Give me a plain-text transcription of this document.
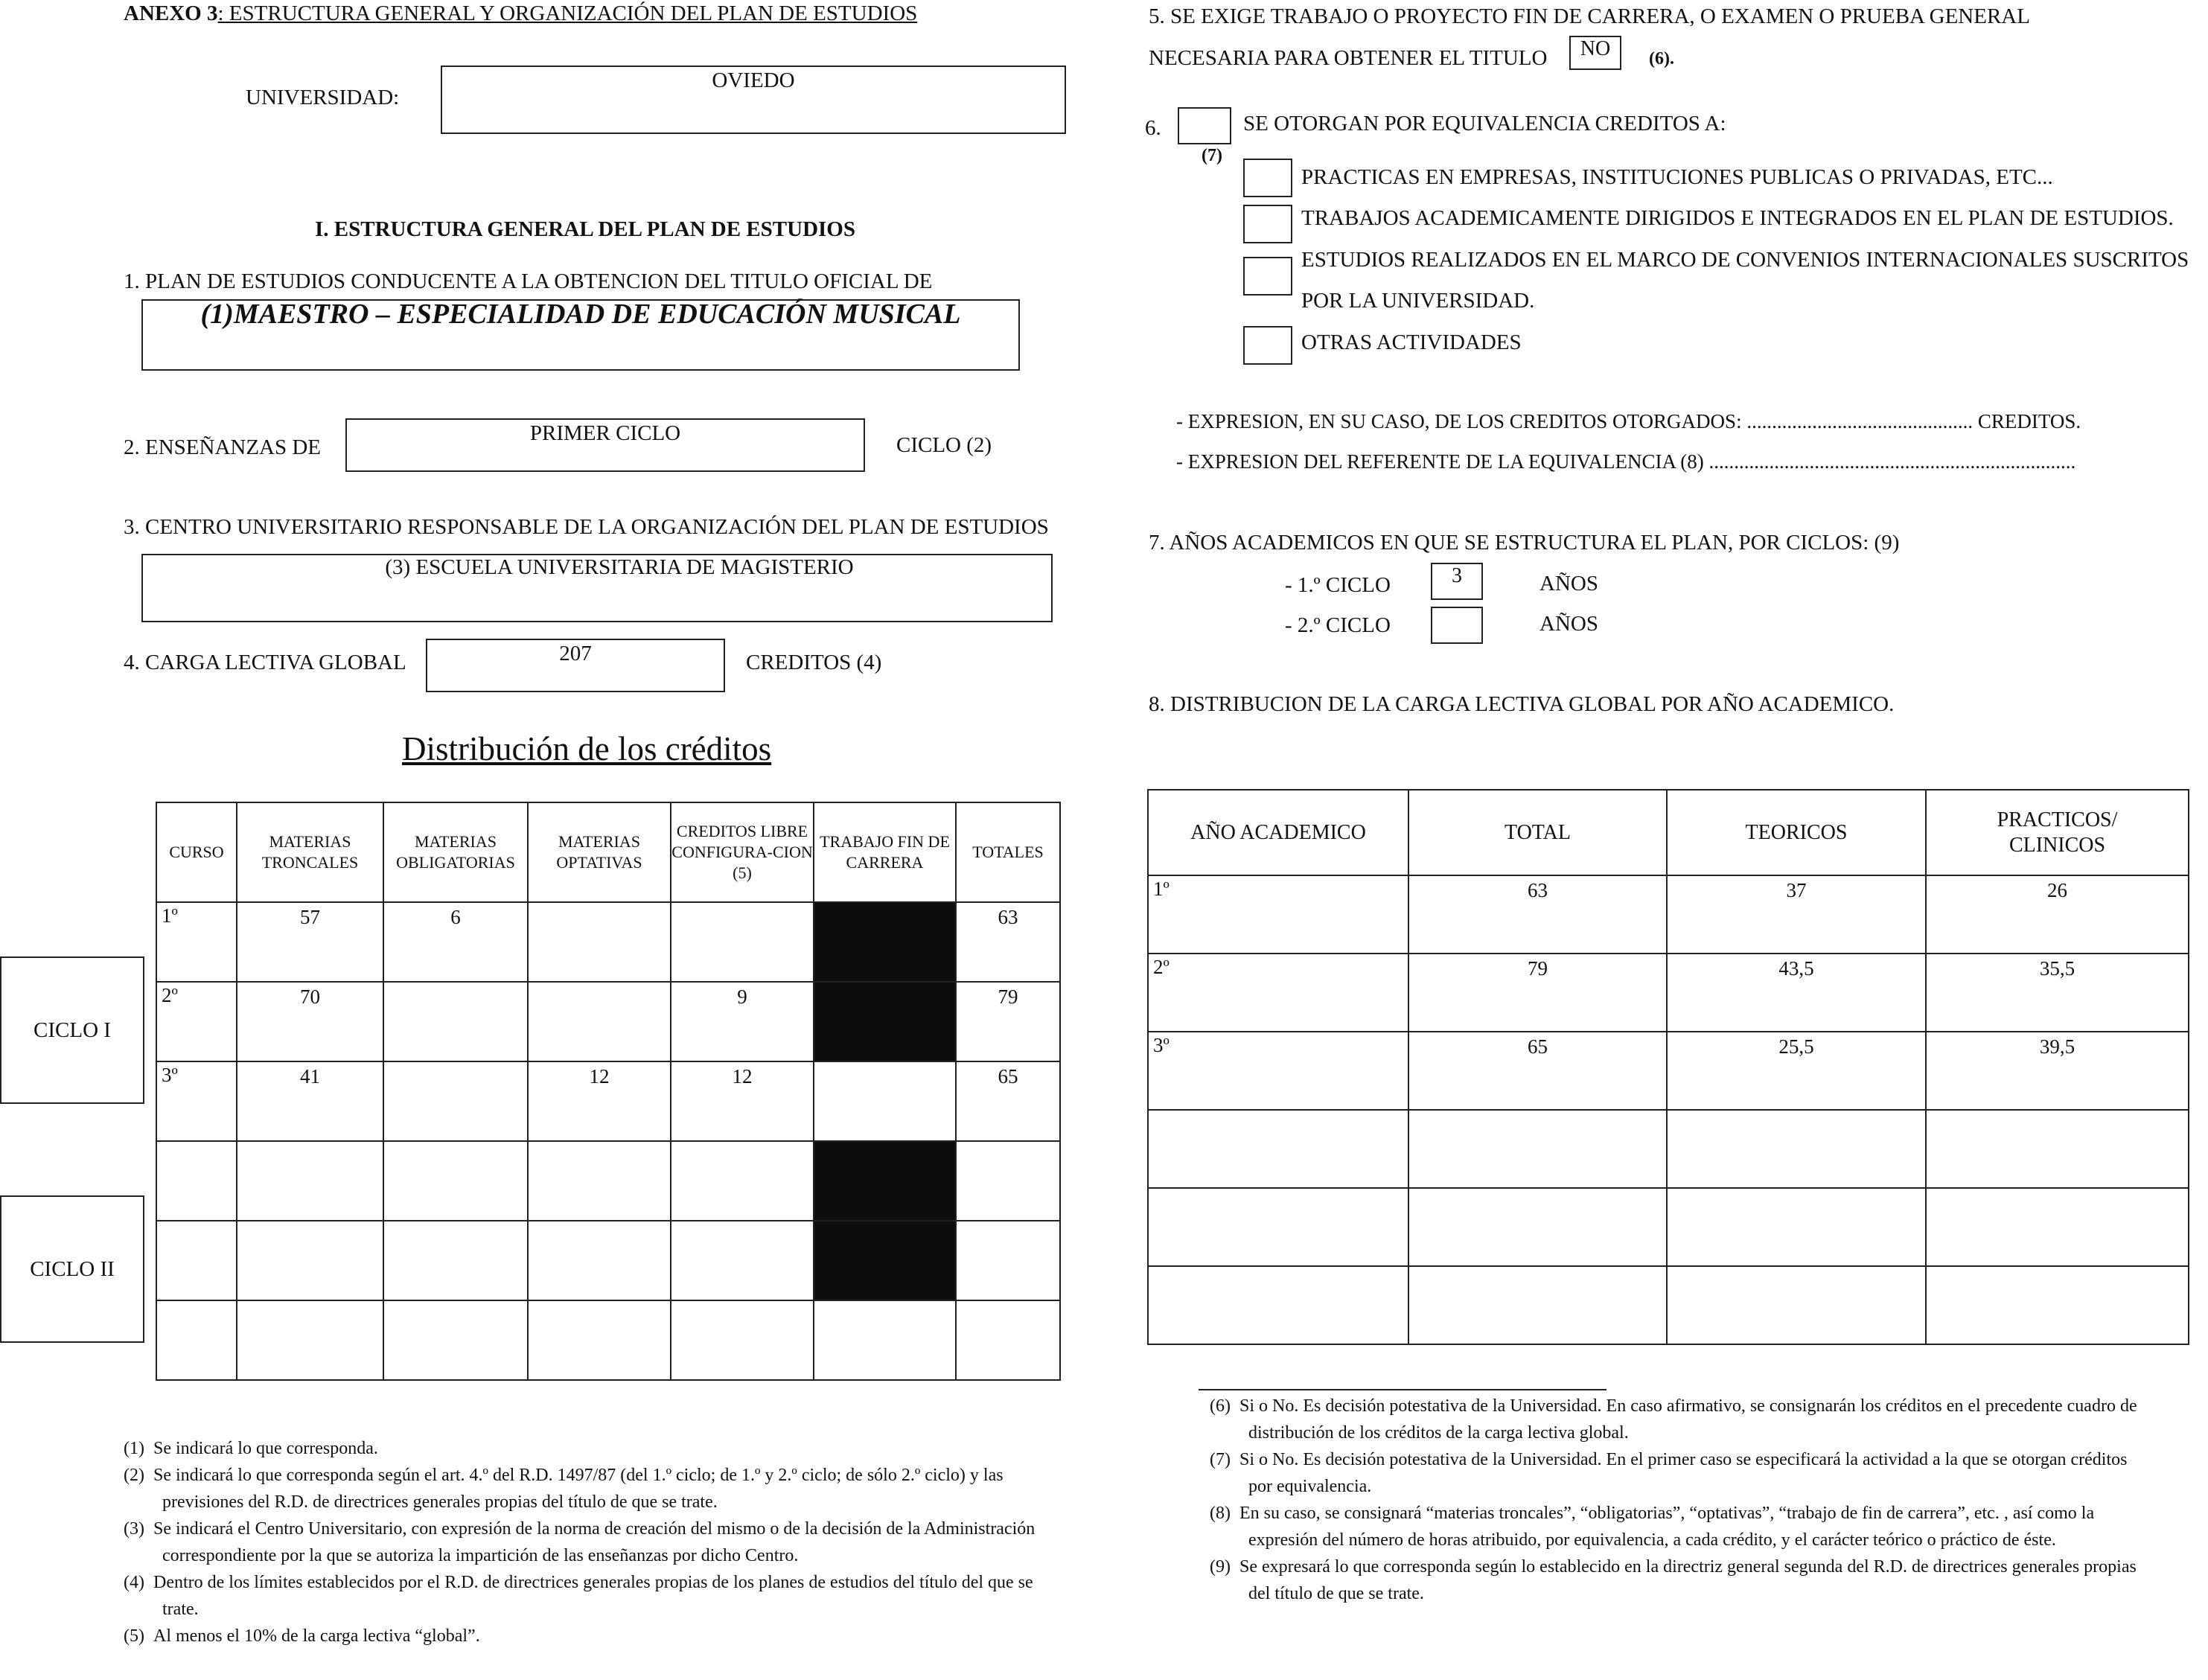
ANEXO 3: ESTRUCTURA GENERAL Y ORGANIZACIÓN DEL PLAN DE ESTUDIOS
UNIVERSIDAD:
OVIEDO
I. ESTRUCTURA GENERAL DEL PLAN DE ESTUDIOS
1. PLAN DE ESTUDIOS CONDUCENTE A LA OBTENCION DEL TITULO OFICIAL DE
(1)MAESTRO – ESPECIALIDAD DE EDUCACIÓN MUSICAL
2. ENSEÑANZAS DE
PRIMER CICLO	CICLO (2)
3. CENTRO UNIVERSITARIO RESPONSABLE DE LA ORGANIZACIÓN DEL PLAN DE ESTUDIOS
(3) ESCUELA UNIVERSITARIA DE MAGISTERIO
4. CARGA LECTIVA GLOBAL	207	CREDITOS (4)
Distribución de los créditos
CICLO I
CICLO II
CURSO	MATERIAS TRONCALES	MATERIAS OBLIGATORIAS	MATERIAS OPTATIVAS	CREDITOS LIBRE CONFIGURA-CION (5)	TRABAJO FIN DE CARRERA	TOTALES

1º	57	6				63

2º	70			9		79

3º	41		12	12		65

(1) Se indicará lo que corresponda.
(2) Se indicará lo que corresponda según el art. 4.º del R.D. 1497/87 (del 1.º ciclo; de 1.º y 2.º ciclo; de sólo 2.º ciclo) y las previsiones del R.D. de directrices generales propias del título de que se trate.
(3) Se indicará el Centro Universitario, con expresión de la norma de creación del mismo o de la decisión de la Administración correspondiente por la que se autoriza la impartición de las enseñanzas por dicho Centro.
(4) Dentro de los límites establecidos por el R.D. de directrices generales propias de los planes de estudios del título del que se trate.
(5) Al menos el 10% de la carga lectiva “global”.
5. SE EXIGE TRABAJO O PROYECTO FIN DE CARRERA, O EXAMEN O PRUEBA GENERAL
NECESARIA PARA OBTENER EL TITULO	NO	(6).
6.	SE OTORGAN POR EQUIVALENCIA CREDITOS A:
(7)
PRACTICAS EN EMPRESAS, INSTITUCIONES PUBLICAS O PRIVADAS, ETC...
TRABAJOS ACADEMICAMENTE DIRIGIDOS E INTEGRADOS EN EL PLAN DE ESTUDIOS.
ESTUDIOS REALIZADOS EN EL MARCO DE CONVENIOS INTERNACIONALES SUSCRITOS
POR LA UNIVERSIDAD.
OTRAS ACTIVIDADES
- EXPRESION, EN SU CASO, DE LOS CREDITOS OTORGADOS: ............................................. CREDITOS.
- EXPRESION DEL REFERENTE DE LA EQUIVALENCIA (8) .........................................................................
7. AÑOS ACADEMICOS EN QUE SE ESTRUCTURA EL PLAN, POR CICLOS: (9)
- 1.º CICLO	3	AÑOS
- 2.º CICLO	AÑOS
8. DISTRIBUCION DE LA CARGA LECTIVA GLOBAL POR AÑO ACADEMICO.
AÑO ACADEMICO	TOTAL	TEORICOS	PRACTICOS/ CLINICOS

1º	63	37	26

2º	79	43,5	35,5

3º	65	25,5	39,5

(6) Si o No. Es decisión potestativa de la Universidad. En caso afirmativo, se consignarán los créditos en el precedente cuadro de distribución de los créditos de la carga lectiva global.
(7) Si o No. Es decisión potestativa de la Universidad. En el primer caso se especificará la actividad a la que se otorgan créditos por equivalencia.
(8) En su caso, se consignará “materias troncales”, “obligatorias”, “optativas”, “trabajo de fin de carrera”, etc. , así como la expresión del número de horas atribuido, por equivalencia, a cada crédito, y el carácter teórico o práctico de éste.
(9) Se expresará lo que corresponda según lo establecido en la directriz general segunda del R.D. de directrices generales propias del título de que se trate.
